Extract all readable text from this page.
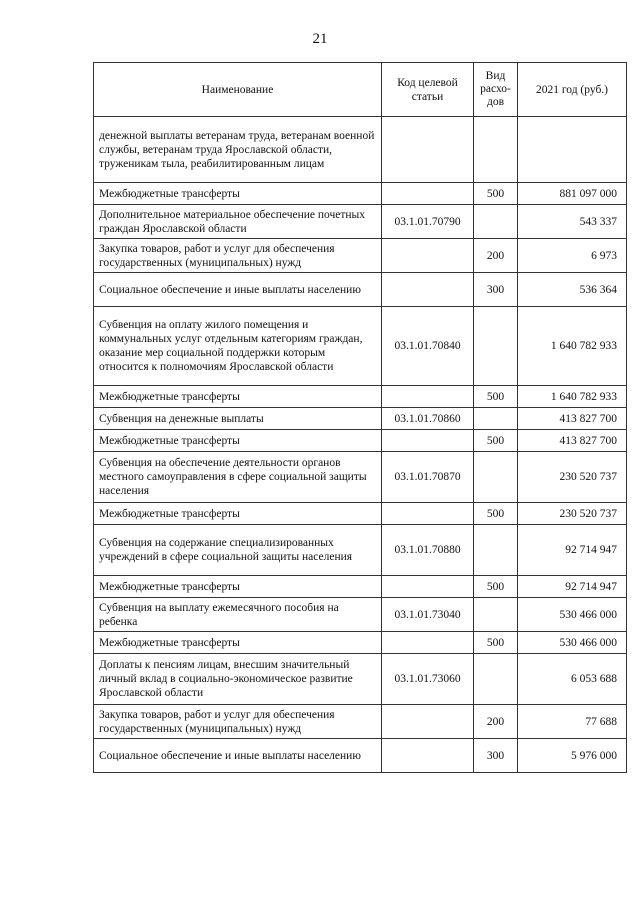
21
Наименование	Код целевой статьи	Вид расхо-дов	2021 год (руб.)
денежной выплаты ветеранам труда, ветеранам военной службы, ветеранам труда Ярославской области, труженикам тыла, реабилитированным лицам			
Межбюджетные трансферты		500	881 097 000
Дополнительное материальное обеспечение почетных граждан Ярославской области	03.1.01.70790		543 337
Закупка товаров, работ и услуг для обеспечения государственных (муниципальных) нужд		200	6 973
Социальное обеспечение и иные выплаты населению		300	536 364
Субвенция на оплату жилого помещения и коммунальных услуг отдельным категориям граждан, оказание мер социальной поддержки которым относится к полномочиям Ярославской области	03.1.01.70840		1 640 782 933
Межбюджетные трансферты		500	1 640 782 933
Субвенция на денежные выплаты	03.1.01.70860		413 827 700
Межбюджетные трансферты		500	413 827 700
Субвенция на обеспечение деятельности органов местного самоуправления в сфере социальной защиты населения	03.1.01.70870		230 520 737
Межбюджетные трансферты		500	230 520 737
Субвенция на содержание специализированных учреждений в сфере социальной защиты населения	03.1.01.70880		92 714 947
Межбюджетные трансферты		500	92 714 947
Субвенция на выплату ежемесячного пособия на ребенка	03.1.01.73040		530 466 000
Межбюджетные трансферты		500	530 466 000
Доплаты к пенсиям лицам, внесшим значительный личный вклад в социально-экономическое развитие Ярославской области	03.1.01.73060		6 053 688
Закупка товаров, работ и услуг для обеспечения государственных (муниципальных) нужд		200	77 688
Социальное обеспечение и иные выплаты населению		300	5 976 000
